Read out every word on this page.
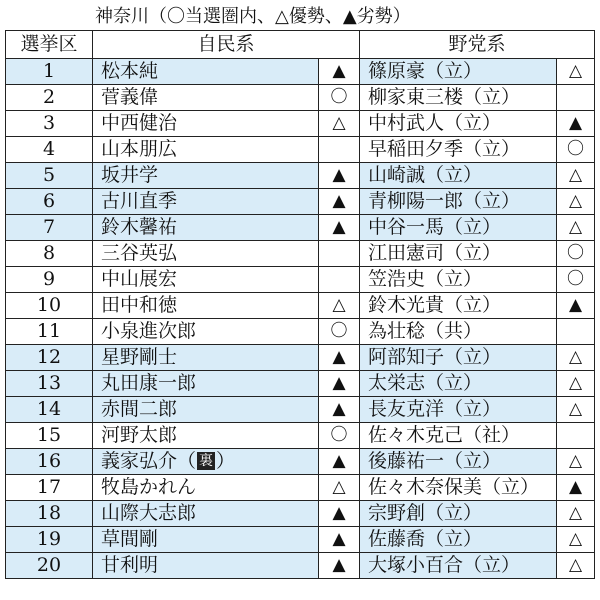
神奈川（〇当選圏内、△優勢、▲劣勢）
選挙区	自民系		野党系	
1	松本純	▲	篠原豪（立）	△
2	菅義偉	〇	柳家東三楼（立）	
3	中西健治	△	中村武人（立）	▲
4	山本朋広		早稲田夕季（立）	〇
5	坂井学	▲	山崎誠（立）	△
6	古川直季	▲	青柳陽一郎（立）	△
7	鈴木馨祐	▲	中谷一馬（立）	△
8	三谷英弘		江田憲司（立）	〇
9	中山展宏		笠浩史（立）	〇
10	田中和徳	△	鈴木光貴（立）	▲
11	小泉進次郎	〇	為壮稔（共）	
12	星野剛士	▲	阿部知子（立）	△
13	丸田康一郎	▲	太栄志（立）	△
14	赤間二郎	▲	長友克洋（立）	△
15	河野太郎	〇	佐々木克己（社）	
16	義家弘介（ 裏 ）	▲	後藤祐一（立）	△
17	牧島かれん	△	佐々木奈保美（立）	▲
18	山際大志郎	▲	宗野創（立）	△
19	草間剛	▲	佐藤喬（立）	△
20	甘利明	▲	大塚小百合（立）	△
